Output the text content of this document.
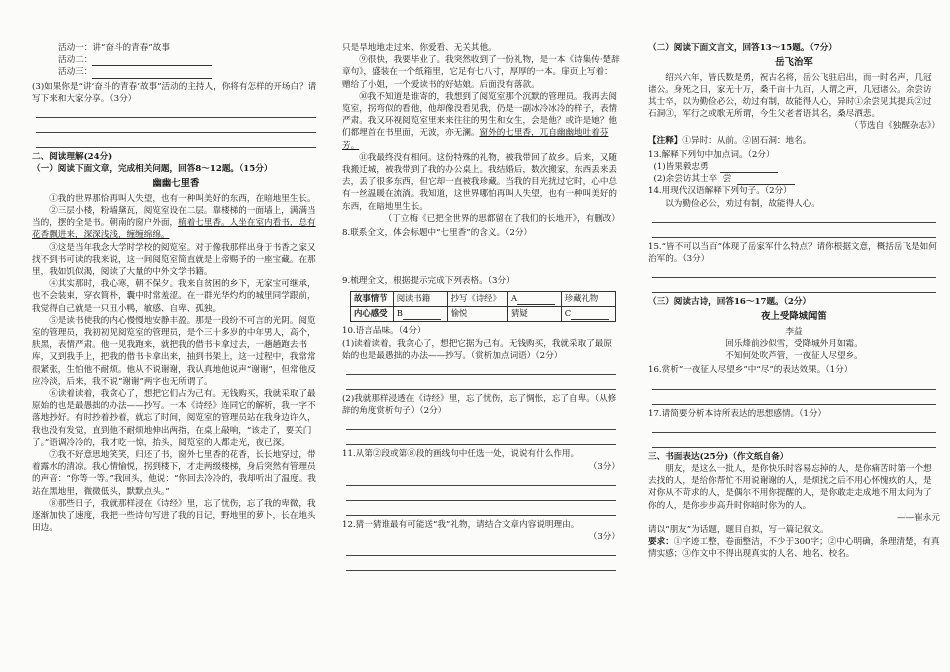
活动一：讲“奋斗的青春”故事

活动二：

活动三：

(3)如果你是“讲‘奋斗的青春’故事”活动的主持人，你将有怎样的开场白？请写下来和大家分享。（3分）

二、阅读理解(24分)

（一）阅读下面文章，完成相关问题，回答8～12题。（15分）

幽幽七里香

①我的世界那恰再叫人失望，也有一种叫美好的东西，在暗地里生长。

②三层小楼，粉墙黛瓦，阅览室设在二层。靠楼梯的一面墙上，满满当当的，摆的全是书。朝南的窗户外面，植着七里香。人坐在室内看书，总有花香飘进来，深深浅浅，缠缠绵绵。

③这是当年我念大学时学校的阅览室。对于像我那样出身于书香之家又找不到书可读的我来说，这一间阅览室简直就是上帝赐予的一座宝藏。在那里，我如饥似渴，阅读了大量的中外文学书籍。

④其实那时，我心寒，朝不保夕。我来自贫困的乡下，无家宝可继承，也不会装束，穿衣简朴，囊中时常羞涩。在一群光华灼灼的城里同学跟前，我觉得自己就是一只丑小鸭，敏感、自卑、孤独。

⑤是读书使我的内心慢慢地安静丰盈。那是一段纷不可言的光阴。阅览室的管理员，我初初见阅览室的管理员，是个三十多岁的中年男人，高个，肤黑，表情严肃。他一见我跑来，就把我的借书卡拿过去，一趟趟跑去书库，又到我手上，把我的借书卡拿出来，抽到书架上，这一过程中，我常常很紧张，生怕他不耐烦。他从不说谢谢，我认真地他说声“谢谢”，但常他反应冷淡，后来，我不说“谢谢”两字也无所谓了。

⑥读着读着，我贪心了，想把它们占为己有。无钱购买，我就采取了最原始的也是最愚拙的办法——抄写。一本《诗经》连同它的解析，我一字不落地抄好。有时抄着抄着，就忘了时间，阅览室的管理员站在我身边许久，我也没有发觉，直到他不耐烦地伸出两指，在桌上敲响，“该走了，要关门了。”语调冷冷的，我才吃一惊，抬头，阅览室的人都走光，夜已深。

⑦我不好意思地笑笑，归还了书，窗外七里香的花香，长长地穿过，带着露水的清凉。我心情愉悦，拐到楼下，才走两级楼梯，身后突然有管理员的声音：“你等一等。”我回头，他说：“你回去冷冷的，我却听出了温度。我站在黑地里，微微低头，默默点头。”

⑧那些日子，我就那样浸在《诗经》里，忘了忧伤，忘了我的卑微，我逐渐加快了速度，我把一些诗句写进了我的日记，野地里的萝卜，长在地头田边。

只是旱地地走过来、你爱看、无关其他。

⑨很快，我要毕业了。我突然收到了一份礼物，是一本《诗集传·楚辞章句》，盛装在一个纸箱里，它足有七八寸，厚厚的一本。扉页上写着：赠给了小姐，一个爱读书的好姑娘。后面没有落款。

⑩我不知道是谁寄的，我想到了阅览室那个沉默的管理员。我再去阅览室，拐弯似的看他，他却像没看见我，仍是一副冰冷冰冷的样子，表情严肃。我又环视阅览室里来来往往的男生和女生，会是他？或许是她？他们都埋首在书里面，无波，亦无澜。窗外的七里香，兀自幽幽地吐着芬芳。

⑪我最终没有相问。这份特殊的礼物，被我带回了故乡。后来，又随我搬迁城，被我带到了我的办公桌上。我结婚后，数次搬家，东西丢来丢去，丢了很多东西，但它却一直被我珍藏。当我的目光扰过它时，心中总有一丝温暖在流淌。我知道，这世界哪怕再叫人失望，也有一种叫美好的东西，在暗地里生长。

（丁立梅《已把全世界的思都留在了我们的长地开》，有删改）

8.联系全文，体会标题中“七里香”的含义。（2分）

9.梳理全文，根据提示完成下列表格。（3分）

故事情节	阅读书籍	抄写《诗经》	A	珍藏礼物
内心感受	B	愉悦	猜疑	C

10.语言品味。（4分）

(1)读着读着，我贪心了，想把它据为己有。无钱购买，我就采取了最原始的也是最愚拙的办法——抄写。（赏析加点词语）（2分）

(2)我就那样浸透在《诗经》里，忘了忧伤，忘了惆怅，忘了自卑。（从修辞的角度赏析句子）（2分）

11.从第②段或第⑧段的画线句中任选一处，说说有什么作用。

（3分）

12.猜一猜谁最有可能送“我”礼物，请结合文章内容说明理由。

（3分）

（二）阅读下面文言文，回答13～15题。（7分）

岳飞治军

绍兴六年，皆氏数是勇，祝古名将，岳公飞驻启出，而一时名声，几冠诸公。身死之日，家无十万，桑千亩十九百，人谓之声，几冠诸公。余尝访其士卒，以为勤俭必公，幼过有制，故能得人心，异时①余尝见其提兵②过石洞③，军行之或歌无所谓，今生父老者语其名，桑尽洒悲。

（节选自《独醒杂志》）

【注释】①异时：从前。②固石洞：地名。

13.解释下列句中加点词。（2分）

(1)皆果毅忠勇

(2)余尝访其士卒 尝

14.用现代汉语解释下列句子。（2分）

以为勤俭必公，劝过有制，故能得人心。

15.“皆不可以当百”体现了岳家军什么特点？请你根据文意，概括岳飞是如何治军的。（3分）

（三）阅读古诗，回答16～17题。（2分）

夜上受降城闻笛

李益

回乐烽前沙似雪，受降城外月如霜。

不知何处吹芦管，一夜征人尽望乡。

16.赏析“一夜征人尽望乡”中“尽”的表达效果。（1分）

17.请简要分析本诗所表达的思想感情。（1分）

三、书面表达(25分)（作文纸自备）

朋友，是这么一批人，是你快乐时容易忘掉的人，是你痛苦时第一个想去找的人，是给你帮忙不用说谢谢的人，是烦扰之后不用心怀愧疚的人，是对你从不苛求的人，是偶尔不用你提醒的人，是你敢走走成地不用太问为了你的人，是你步步高升时你暗时你为的人。

——崔永元

请以“朋友”为话题，题目自拟，写一篇记叙文。

要求：①字迹工整，卷面整洁，不少于300字；②中心明确，条理清楚，有真情实感；③作文中不得出现真实的人名、地名、校名。
